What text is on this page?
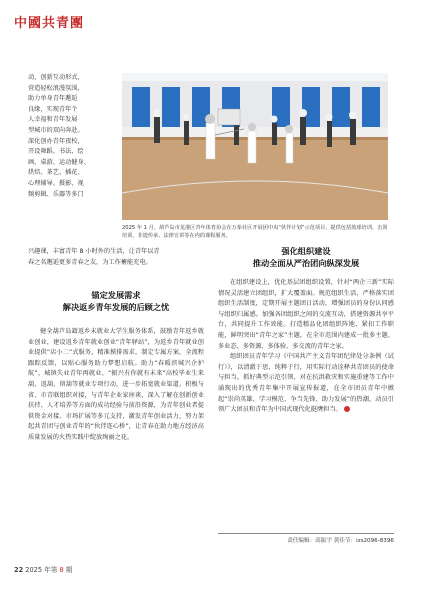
中國共青團

动，创新互动形式，

营造轻松浪漫氛围，

助力单身青年邂逅

良缘，实现青年个

人幸福和青年发展

型城市的双向奔赴。

深化创办青年夜校，

开设舞蹈、书法、绘

画、桌游、运动健身、

烘焙、茶艺、插花、

心理辅导、摄影、视

频剪辑、乐器等多门

2025 年 1 月，葫芦岛市龙港区青年体育协会在万象社区开展团中央“伙伴计划”示范项目，提供包括篮球培训、击剑培训、非遗传承、法律宣讲等在内的课程服务。

兴趣课，丰富青年 8 小时外的生活，让青年以青

春之名邂逅更多青春之友，为工作蓄能充电。

锚定发展需求

解决返乡青年发展的后顾之忧

健全葫芦岛籍返乡未就业大学生服务体系，鼓励青年返乡就业创业，建设返乡青年就业创业“青年驿站”，为返乡青年就业创业提供“店小二”式服务，精准摸排需求，制定专属方案，全流程跟踪反馈，以贴心服务助力梦想启航。助力“春暖滨城兴企护航”、城镇失业青年再就业、“振兴有你就有未来”高校毕业生来葫、返葫、留葫等就业专项行动，进一步拓宽就业渠道。积极与省、市青联组织对接，与青年企业家座谈，深入了解在创新创业扶持、人才培养等方面的成功经验与前沿资源，为青年创业者提供资金对接、市场扩展等多元支持，激发青年创业活力，努力架起共青团与创业青年的“伙伴连心桥”，让青春在助力地方经济高质量发展的火热实践中绽放绚丽之花。

强化组织建设

推动全面从严治团向纵深发展

在组织建设上，优化基层团组织设置，针对“两企三新”实际情况灵活建立团组织，扩大覆盖面。规范组织生活，严格落实团组织生活制度，定期开展主题团日活动，增强团员的身份认同感与组织归属感。加强各团组织之间的交流互动，搭建资源共享平台，共同提升工作效能。打造精品化团组织阵地，紧扣工作职能，鲜明突出“青年之家”主题，在全市范围内建成一批多主题、多业态、多资源、多体验、多交流的青年之家。

组织团员青年学习《中国共产主义青年团纪律处分条例（试行）》，以清澈于思、纯粹于行，用实际行动诠释共青团员的使命与担当。抓好典型示范引领，对在抗洪救灾和实施重建等工作中涌现出的优秀青年集中开展宣传报道，在全市团员青年中掀起“崇尚英雄、学习模范、争当先锋、助力发展”的热潮，动员引领广大团员和青年为中国式现代化挺膺担当。

责任编辑：高振宇 黄佳节：izs2096-8396
22 2025 年第 8 期
